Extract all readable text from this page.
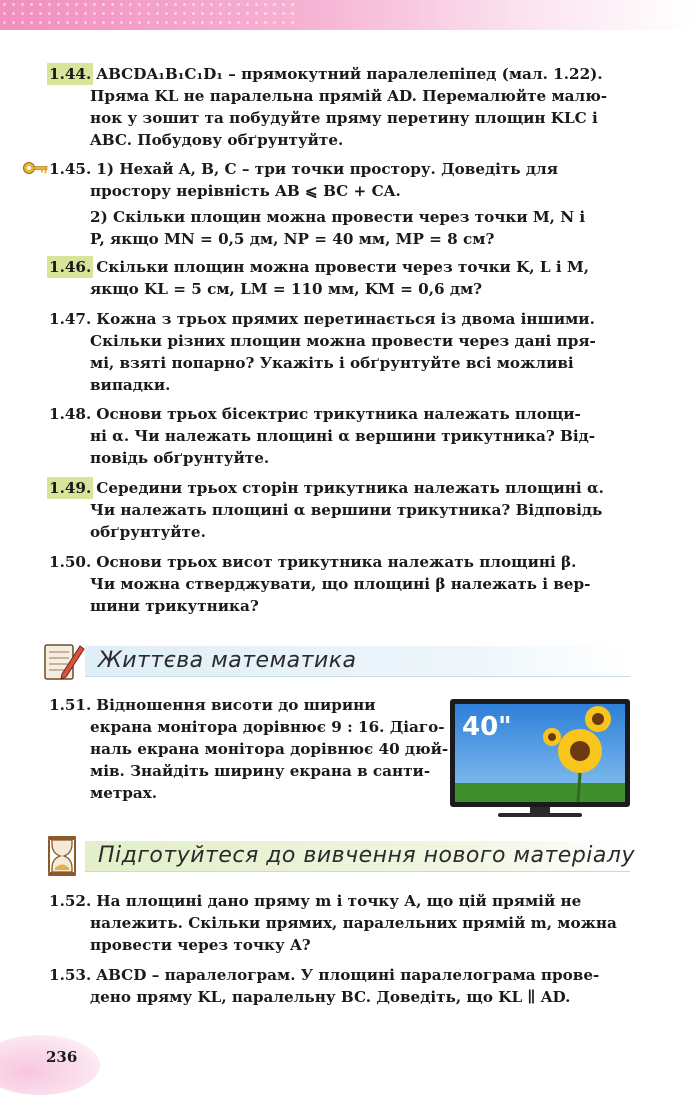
1.44. ABCDA₁B₁C₁D₁ – прямокутний паралелепіпед (мал. 1.22).
Пряма KL не паралельна прямій AD. Перемалюйте малю-
нок у зошит та побудуйте пряму перетину площин KLC і
ABC. Побудову обґрунтуйте.
1.45. 1) Нехай A, B, C – три точки простору. Доведіть для
простору нерівність AB ⩽ BC + CA.
2) Скільки площин можна провести через точки M, N і
P, якщо MN = 0,5 дм, NP = 40 мм, MP = 8 см?
1.46. Скільки площин можна провести через точки K, L і M,
якщо KL = 5 см, LM = 110 мм, KM = 0,6 дм?
1.47. Кожна з трьох прямих перетинається із двома іншими.
Скільки різних площин можна провести через дані пря-
мі, взяті попарно? Укажіть і обґрунтуйте всі можливі
випадки.
1.48. Основи трьох бісектрис трикутника належать площи-
ні α. Чи належать площині α вершини трикутника? Від-
повідь обґрунтуйте.
1.49. Середини трьох сторін трикутника належать площині α.
Чи належать площині α вершини трикутника? Відповідь
обґрунтуйте.
1.50. Основи трьох висот трикутника належать площині β.
Чи можна стверджувати, що площині β належать і вер-
шини трикутника?
Життєва математика
1.51. Відношення висоти до ширини
екрана монітора дорівнює 9 : 16. Діаго-
наль екрана монітора дорівнює 40 дюй-
мів. Знайдіть ширину екрана в санти-
метрах.
40"
Підготуйтеся до вивчення нового матеріалу
1.52. На площині дано пряму m і точку A, що цій прямій не
належить. Скільки прямих, паралельних прямій m, можна
провести через точку A?
1.53. ABCD – паралелограм. У площині паралелограма прове-
дено пряму KL, паралельну BC. Доведіть, що KL ∥ AD.
236
